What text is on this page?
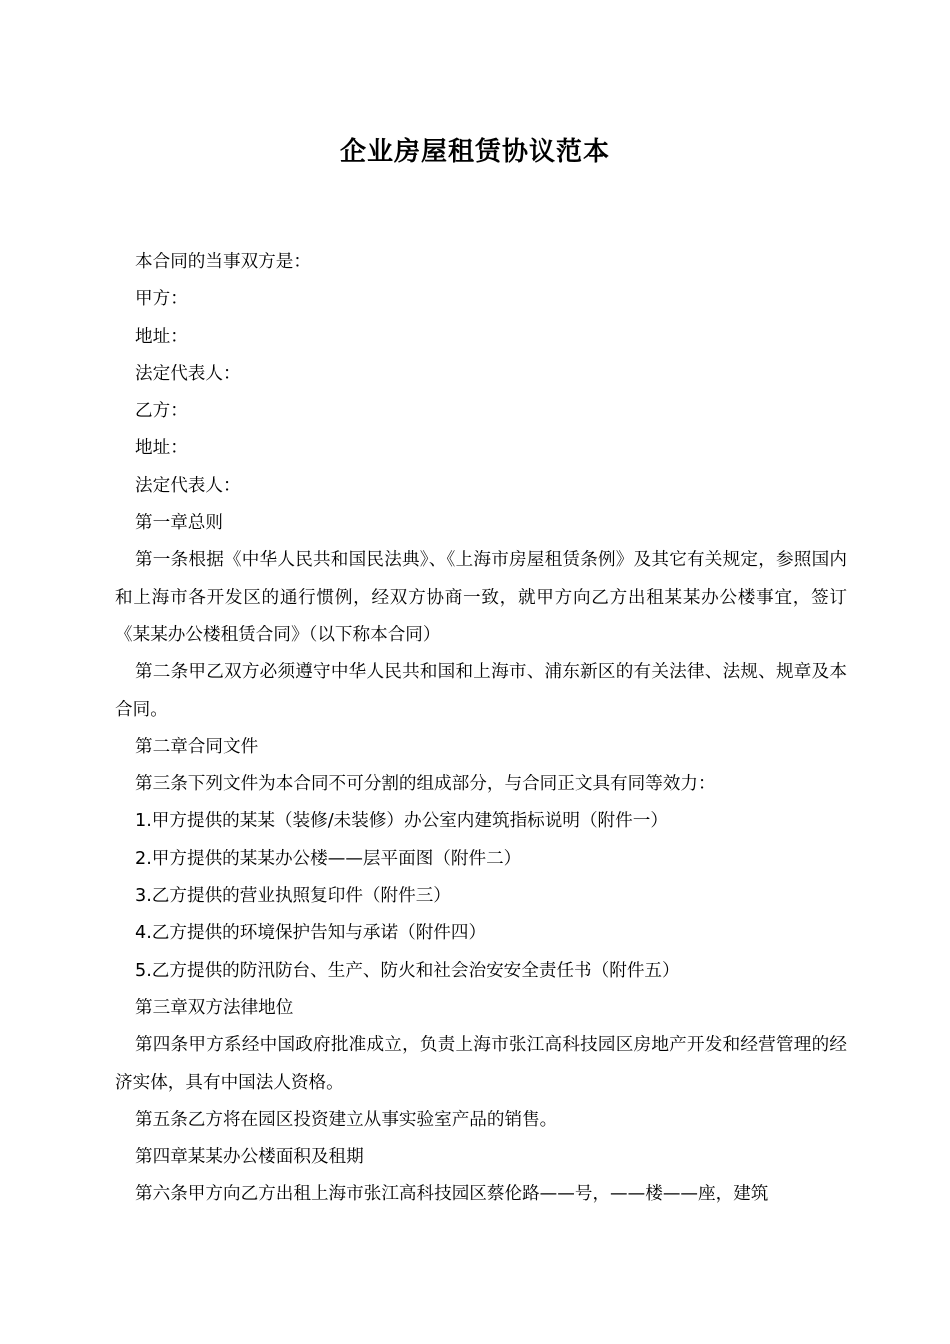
企业房屋租赁协议范本

本合同的当事双方是：

甲方：

地址：

法定代表人：

乙方：

地址：

法定代表人：

第一章总则

第一条根据《中华人民共和国民法典》、《上海市房屋租赁条例》及其它有关规定，参照国内和上海市各开发区的通行惯例，经双方协商一致，就甲方向乙方出租某某办公楼事宜，签订《某某办公楼租赁合同》（以下称本合同）

第二条甲乙双方必须遵守中华人民共和国和上海市、浦东新区的有关法律、法规、规章及本合同。

第二章合同文件

第三条下列文件为本合同不可分割的组成部分，与合同正文具有同等效力：

1.甲方提供的某某（装修/未装修）办公室内建筑指标说明（附件一）

2.甲方提供的某某办公楼——层平面图（附件二）

3.乙方提供的营业执照复印件（附件三）

4.乙方提供的环境保护告知与承诺（附件四）

5.乙方提供的防汛防台、生产、防火和社会治安安全责任书（附件五）

第三章双方法律地位

第四条甲方系经中国政府批准成立，负责上海市张江高科技园区房地产开发和经营管理的经济实体，具有中国法人资格。

第五条乙方将在园区投资建立从事实验室产品的销售。

第四章某某办公楼面积及租期

第六条甲方向乙方出租上海市张江高科技园区蔡伦路——号，——楼——座，建筑
